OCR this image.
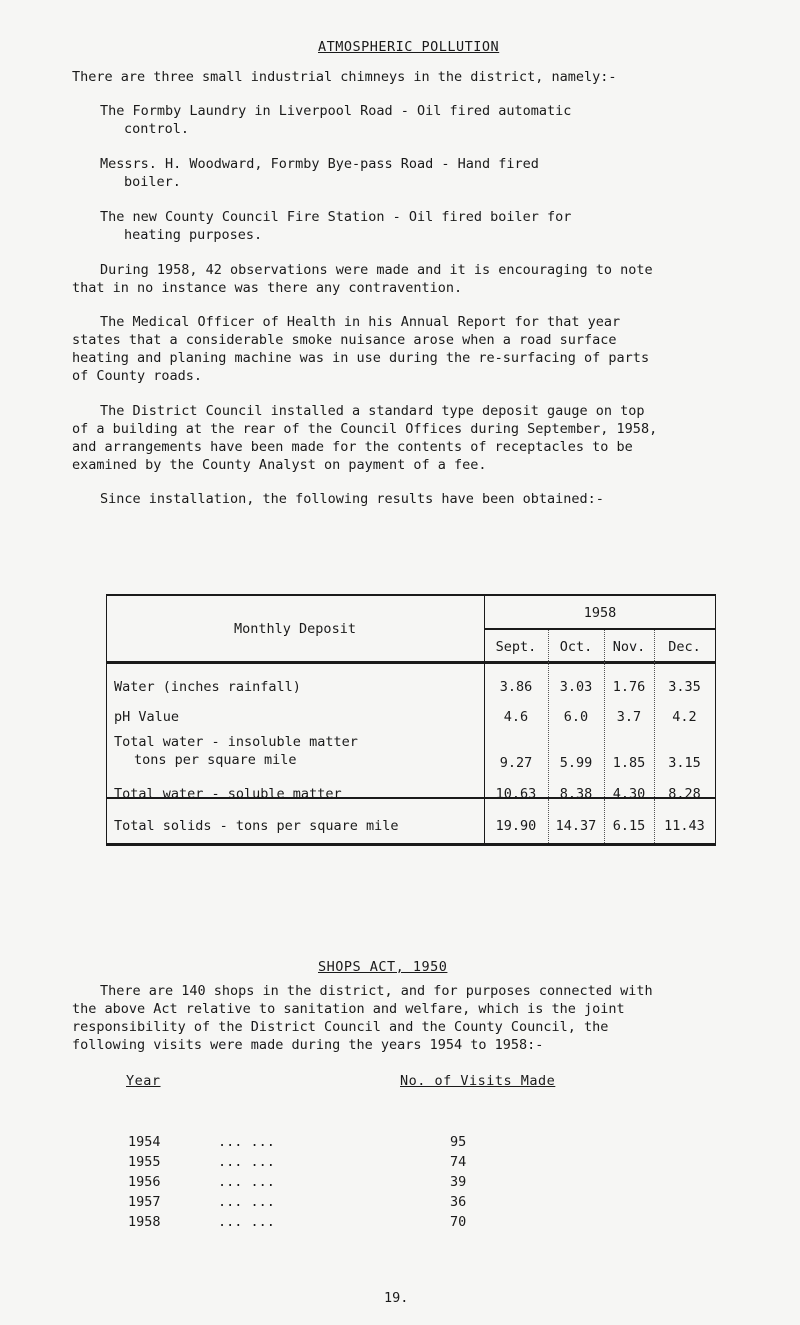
ATMOSPHERIC POLLUTION
There are three small industrial chimneys in the district, namely:-
The Formby Laundry in Liverpool Road - Oil fired automatic
control.
Messrs. H. Woodward, Formby Bye-pass Road - Hand fired
boiler.
The new County Council Fire Station - Oil fired boiler for
heating purposes.
During 1958, 42 observations were made and it is encouraging to note
that in no instance was there any contravention.
The Medical Officer of Health in his Annual Report for that year
states that a considerable smoke nuisance arose when a road surface
heating and planing machine was in use during the re-surfacing of parts
of County roads.
The District Council installed a standard type deposit gauge on top
of a building at the rear of the Council Offices during September, 1958,
and arrangements have been made for the contents of receptacles to be
examined by the County Analyst on payment of a fee.
Since installation, the following results have been obtained:-
Monthly Deposit
1958
Sept.	Oct.	Nov.	Dec.
Water (inches rainfall)	3.86	3.03	1.76	3.35
pH Value	4.6	6.0	3.7	4.2
Total water - insoluble matter
tons per square mile	9.27	5.99	1.85	3.15
Total water - soluble matter	10.63	8.38	4.30	8.28
Total solids - tons per square mile	19.90	14.37	6.15	11.43
SHOPS ACT, 1950
There are 140 shops in the district, and for purposes connected with
the above Act relative to sanitation and welfare, which is the joint
responsibility of the District Council and the County Council, the
following visits were made during the years 1954 to 1958:-
Year	No. of Visits Made
1954	... ...	95
1955	... ...	74
1956	... ...	39
1957	... ...	36
1958	... ...	70
19.
